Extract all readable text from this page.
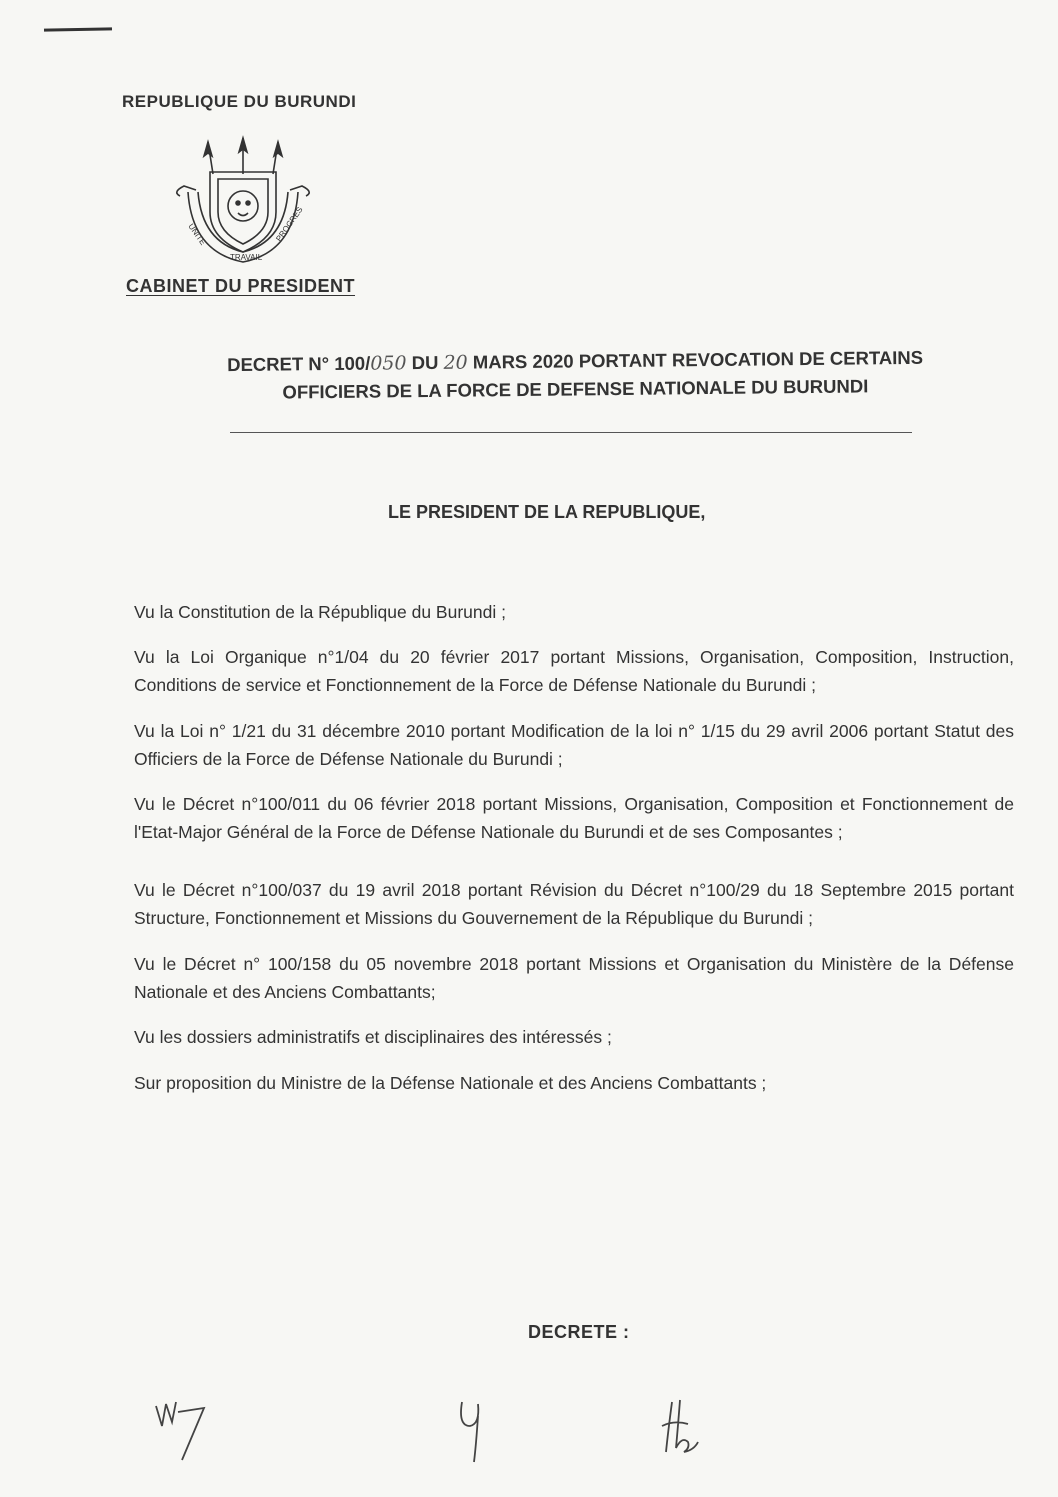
REPUBLIQUE DU BURUNDI
UNITE
TRAVAIL
PROGRES
CABINET DU PRESIDENT
DECRET N° 100/050 DU 20 MARS 2020 PORTANT REVOCATION DE CERTAINS
OFFICIERS DE LA FORCE DE DEFENSE NATIONALE DU BURUNDI
LE PRESIDENT DE LA REPUBLIQUE,

Vu la Constitution de la République du Burundi ;

Vu la Loi Organique n°1/04 du 20 février 2017 portant Missions, Organisation, Composition, Instruction, Conditions de service et Fonctionnement de la Force de Défense Nationale du Burundi ;

Vu la Loi n° 1/21 du 31 décembre 2010 portant Modification de la loi n° 1/15 du 29 avril 2006 portant Statut des Officiers de la Force de Défense Nationale du Burundi ;

Vu le Décret n°100/011 du 06 février 2018 portant Missions, Organisation, Composition et Fonctionnement de l'Etat-Major Général de la Force de Défense Nationale du Burundi et de ses Composantes ;

Vu le Décret n°100/037 du 19 avril 2018 portant Révision du Décret n°100/29 du 18 Septembre 2015 portant Structure, Fonctionnement et Missions du Gouvernement de la République du Burundi ;

Vu le Décret n° 100/158 du 05 novembre 2018 portant Missions et Organisation du Ministère de la Défense Nationale et des Anciens Combattants;

Vu les dossiers administratifs et disciplinaires des intéressés ;

Sur proposition du Ministre de la Défense Nationale et des Anciens Combattants ;

DECRETE :
